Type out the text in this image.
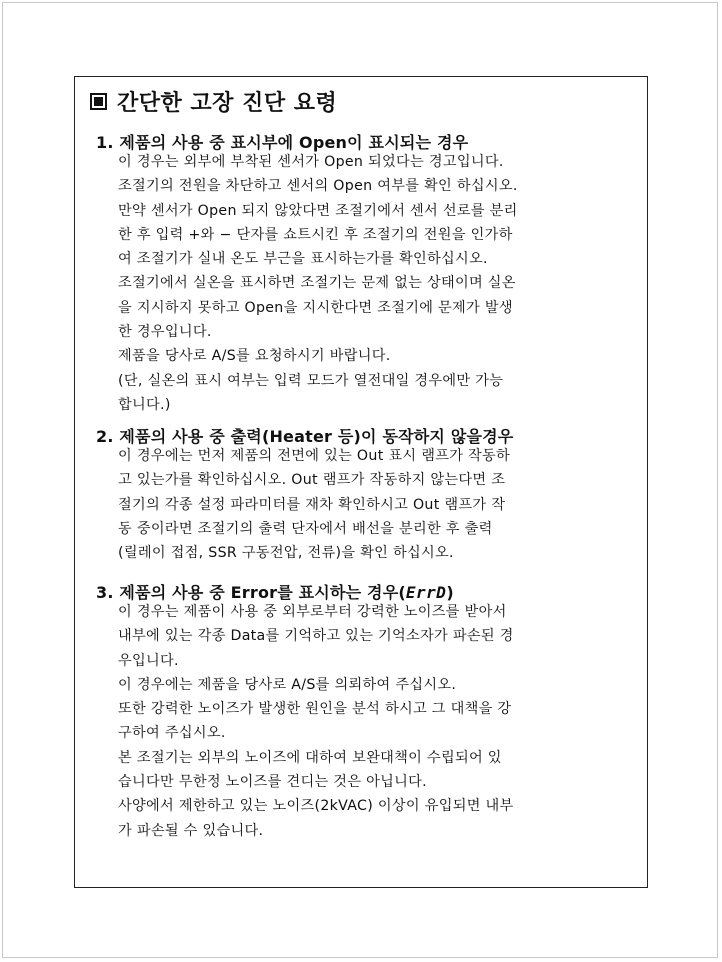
간단한 고장 진단 요령
1. 제품의 사용 중 표시부에 Open이 표시되는 경우
이 경우는 외부에 부착된 센서가 Open 되었다는 경고입니다.
조절기의 전원을 차단하고 센서의 Open 여부를 확인 하십시오.
만약 센서가 Open 되지 않았다면 조절기에서 센서 선로를 분리
한 후 입력 +와 − 단자를 쇼트시킨 후 조절기의 전원을 인가하
여 조절기가 실내 온도 부근을 표시하는가를 확인하십시오.
조절기에서 실온을 표시하면 조절기는 문제 없는 상태이며 실온
을 지시하지 못하고 Open을 지시한다면 조절기에 문제가 발생
한 경우입니다.
제품을 당사로 A/S를 요청하시기 바랍니다.
(단, 실온의 표시 여부는 입력 모드가 열전대일 경우에만 가능
합니다.)
2. 제품의 사용 중 출력(Heater 등)이 동작하지 않을경우
이 경우에는 먼저 제품의 전면에 있는 Out 표시 램프가 작동하
고 있는가를 확인하십시오. Out 램프가 작동하지 않는다면 조
절기의 각종 설정 파라미터를 재차 확인하시고 Out 램프가 작
동 중이라면 조절기의 출력 단자에서 배선을 분리한 후 출력
(릴레이 접점, SSR 구동전압, 전류)을 확인 하십시오.
3. 제품의 사용 중 Error를 표시하는 경우(ErrD)
이 경우는 제품이 사용 중 외부로부터 강력한 노이즈를 받아서
내부에 있는 각종 Data를 기억하고 있는 기억소자가 파손된 경
우입니다.
이 경우에는 제품을 당사로 A/S를 의뢰하여 주십시오.
또한 강력한 노이즈가 발생한 원인을 분석 하시고 그 대책을 강
구하여 주십시오.
본 조절기는 외부의 노이즈에 대하여 보완대책이 수립되어 있
습니다만 무한정 노이즈를 견디는 것은 아닙니다.
사양에서 제한하고 있는 노이즈(2kVAC) 이상이 유입되면 내부
가 파손될 수 있습니다.
